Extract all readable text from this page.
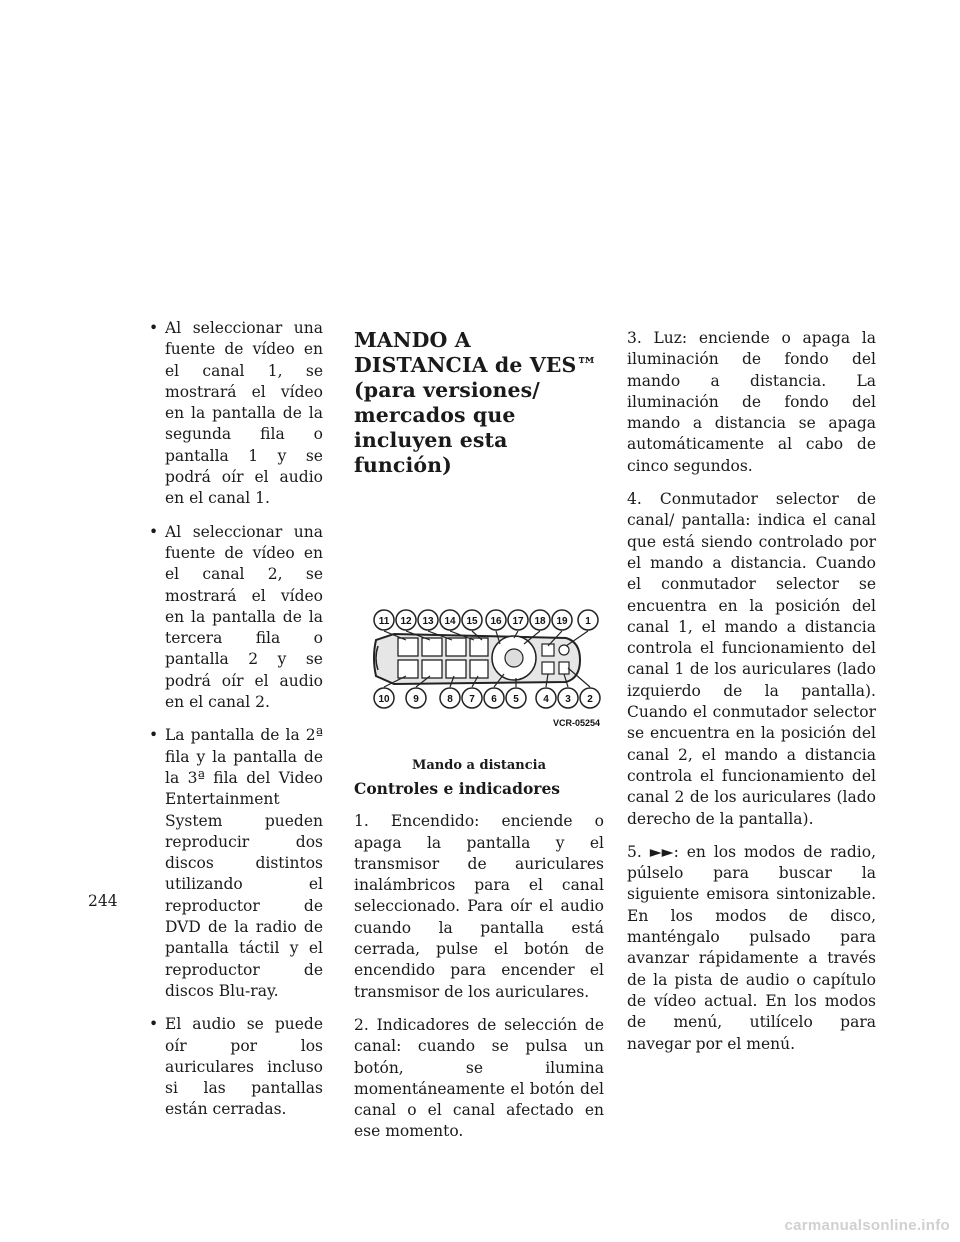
• Al seleccionar una fuente de vídeo en el canal 1, se mostrará el vídeo en la pantalla de la segunda fila o pantalla 1 y se podrá oír el audio en el canal 1.
• Al seleccionar una fuente de vídeo en el canal 2, se mostrará el vídeo en la pantalla de la tercera fila o pantalla 2 y se podrá oír el audio en el canal 2.
• La pantalla de la 2ª fila y la pantalla de la 3ª fila del Video Entertainment System pueden reproducir dos discos distintos utilizando el reproductor de DVD de la radio de pantalla táctil y el reproductor de discos Blu-ray.
• El audio se puede oír por los auriculares incluso si las pantallas están cerradas.
MANDO A DISTANCIA de VES™ (para versiones/ mercados que incluyen esta función)
11 12 13 14 15 16 17 18 19 1
10 9	8 7 6 5 4 3 2
VCR-05254
Mando a distancia

Controles e indicadores

1. Encendido: enciende o apaga la pantalla y el transmisor de auriculares inalámbricos para el canal seleccionado. Para oír el audio cuando la pantalla está cerrada, pulse el botón de encendido para encender el transmisor de los auriculares.

2. Indicadores de selección de canal: cuando se pulsa un botón, se ilumina momentáneamente el botón del canal o el canal afectado en ese momento.

3. Luz: enciende o apaga la iluminación de fondo del mando a distancia. La iluminación de fondo del mando a distancia se apaga automáticamente al cabo de cinco segundos.

4. Conmutador selector de canal/ pantalla: indica el canal que está siendo controlado por el mando a distancia. Cuando el conmutador selector se encuentra en la posición del canal 1, el mando a distancia controla el funcionamiento del canal 1 de los auriculares (lado izquierdo de la pantalla). Cuando el conmutador selector se encuentra en la posición del canal 2, el mando a distancia controla el funcionamiento del canal 2 de los auriculares (lado derecho de la pantalla).

5. ►►: en los modos de radio, púlselo para buscar la siguiente emisora sintonizable. En los modos de disco, manténgalo pulsado para avanzar rápidamente a través de la pista de audio o capítulo de vídeo actual. En los modos de menú, utilícelo para navegar por el menú.

244
carmanualsonline.info
